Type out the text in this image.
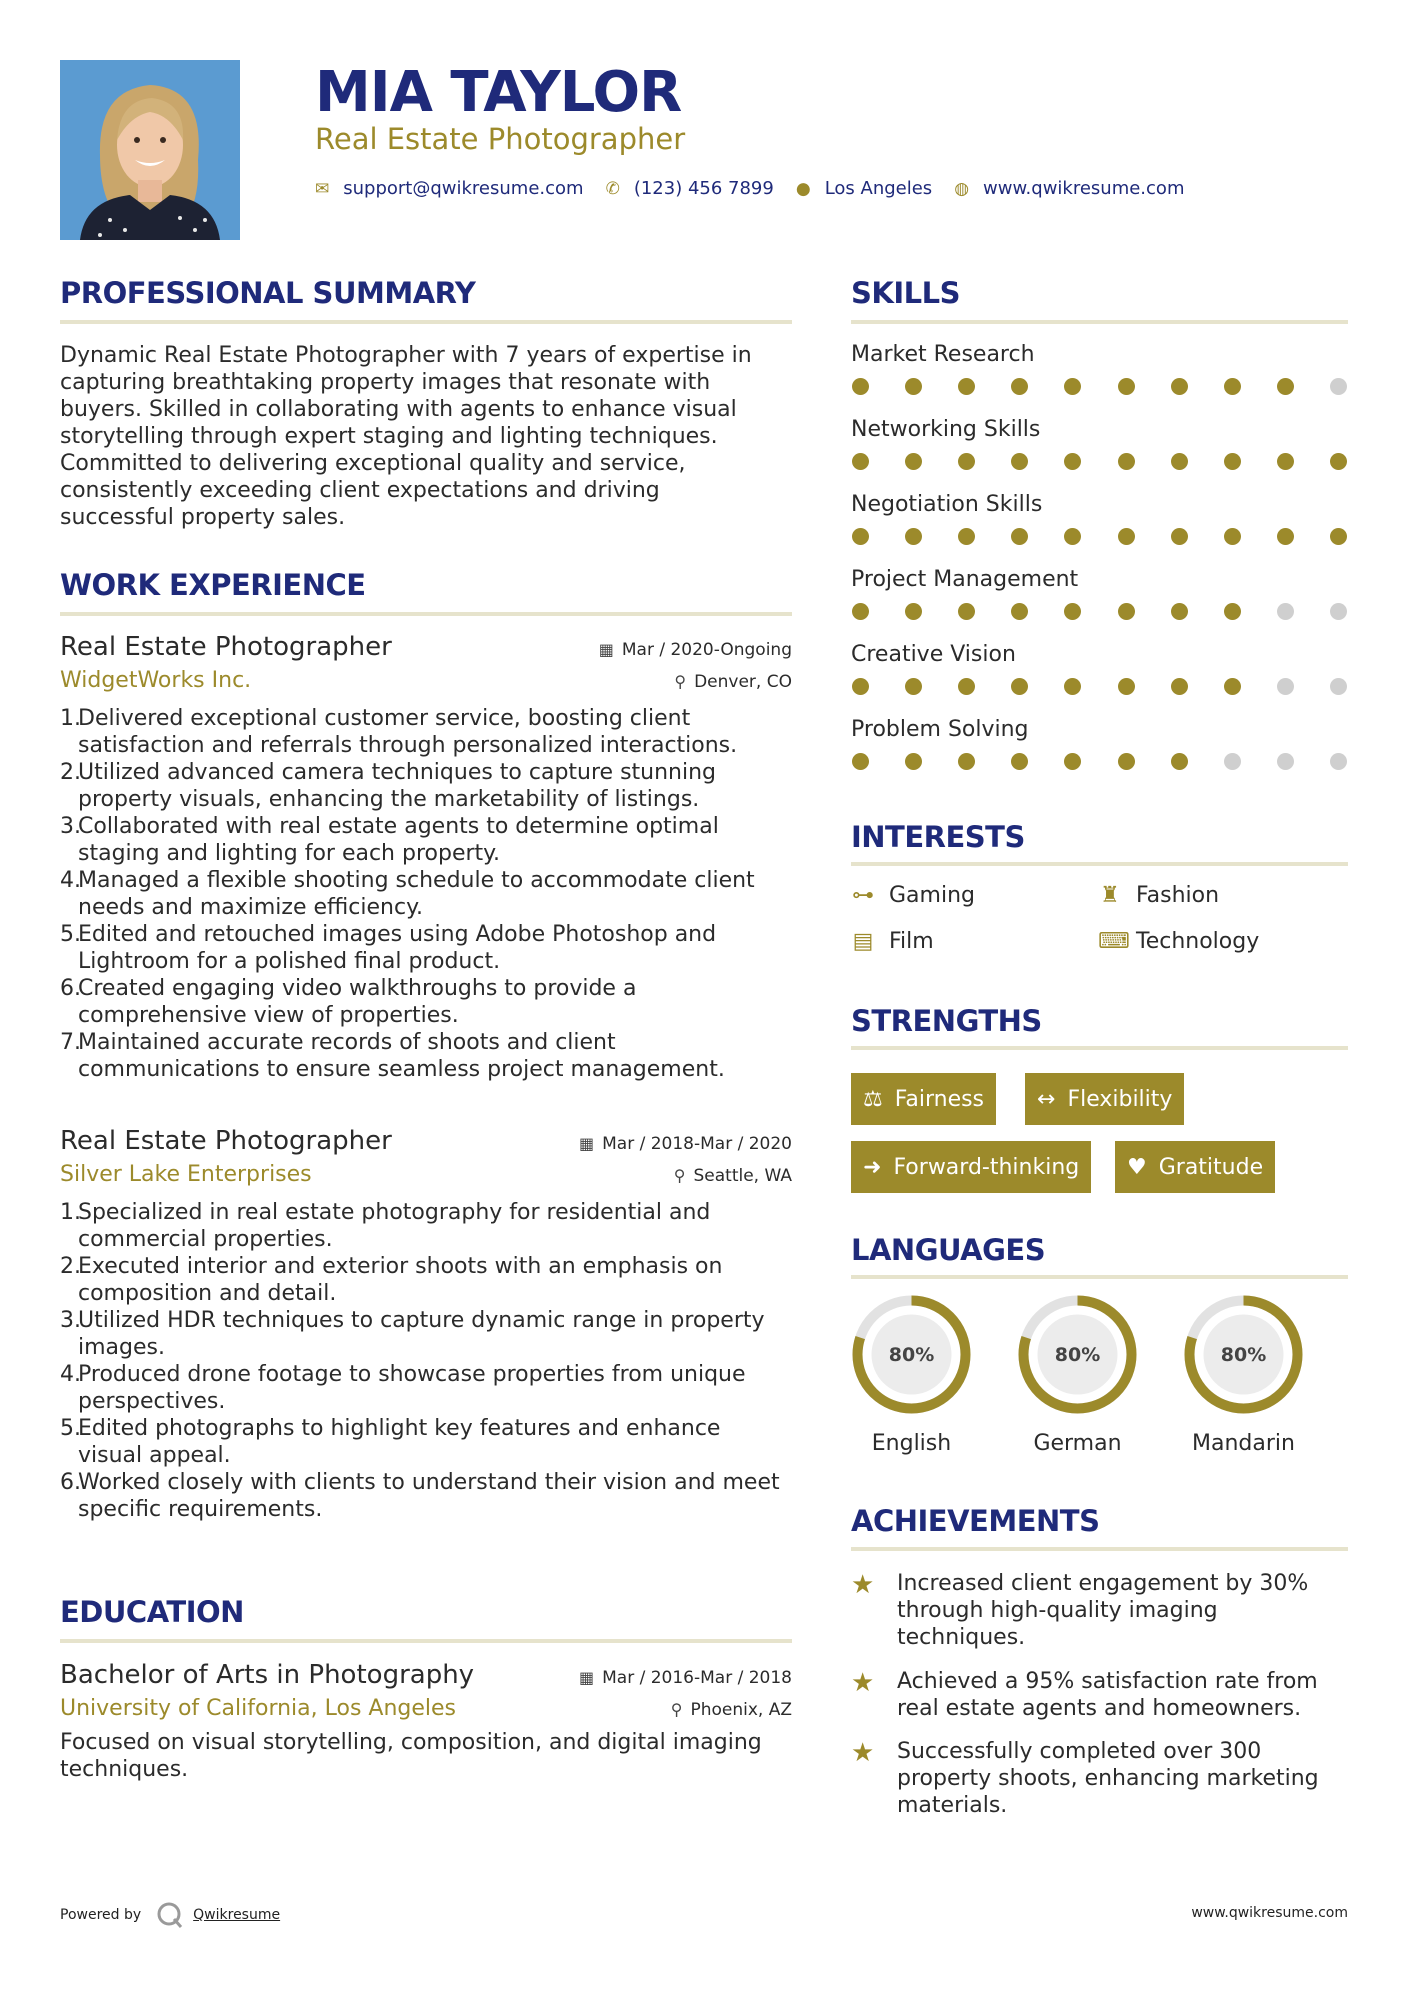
MIA TAYLOR
Real Estate Photographer
✉ support@qwikresume.com ✆ (123) 456 7899 ● Los Angeles ◍ www.qwikresume.com
PROFESSIONAL SUMMARY
Dynamic Real Estate Photographer with 7 years of expertise in
capturing breathtaking property images that resonate with
buyers. Skilled in collaborating with agents to enhance visual
storytelling through expert staging and lighting techniques.
Committed to delivering exceptional quality and service,
consistently exceeding client expectations and driving
successful property sales.
WORK EXPERIENCE
Real Estate Photographer	▦ Mar / 2020-Ongoing
WidgetWorks Inc.	⚲ Denver, CO
1.
Delivered exceptional customer service, boosting client
satisfaction and referrals through personalized interactions.
2.
Utilized advanced camera techniques to capture stunning
property visuals, enhancing the marketability of listings.
3.
Collaborated with real estate agents to determine optimal
staging and lighting for each property.
4.
Managed a flexible shooting schedule to accommodate client
needs and maximize efficiency.
5.
Edited and retouched images using Adobe Photoshop and
Lightroom for a polished final product.
6.
Created engaging video walkthroughs to provide a
comprehensive view of properties.
7.
Maintained accurate records of shoots and client
communications to ensure seamless project management.
Real Estate Photographer	▦ Mar / 2018-Mar / 2020
Silver Lake Enterprises	⚲ Seattle, WA
1.
Specialized in real estate photography for residential and
commercial properties.
2.
Executed interior and exterior shoots with an emphasis on
composition and detail.
3.
Utilized HDR techniques to capture dynamic range in property
images.
4.
Produced drone footage to showcase properties from unique
perspectives.
5.
Edited photographs to highlight key features and enhance
visual appeal.
6.
Worked closely with clients to understand their vision and meet
specific requirements.
EDUCATION
Bachelor of Arts in Photography	▦ Mar / 2016-Mar / 2018
University of California, Los Angeles	⚲ Phoenix, AZ
Focused on visual storytelling, composition, and digital imaging
techniques.
SKILLS
Market Research
Networking Skills
Negotiation Skills
Project Management
Creative Vision
Problem Solving
INTERESTS
⊶ Gaming	♜ Fashion
▤ Film	⌨ Technology
STRENGTHS
⚖ Fairness ↔ Flexibility
➜ Forward-thinking ♥ Gratitude
LANGUAGES
80%
English
80%
German
80%
Mandarin
ACHIEVEMENTS
★	Increased client engagement by 30%
through high-quality imaging
techniques.
★	Achieved a 95% satisfaction rate from
real estate agents and homeowners.
★	Successfully completed over 300
property shoots, enhancing marketing
materials.
Powered by	Qwikresume	www.qwikresume.com
